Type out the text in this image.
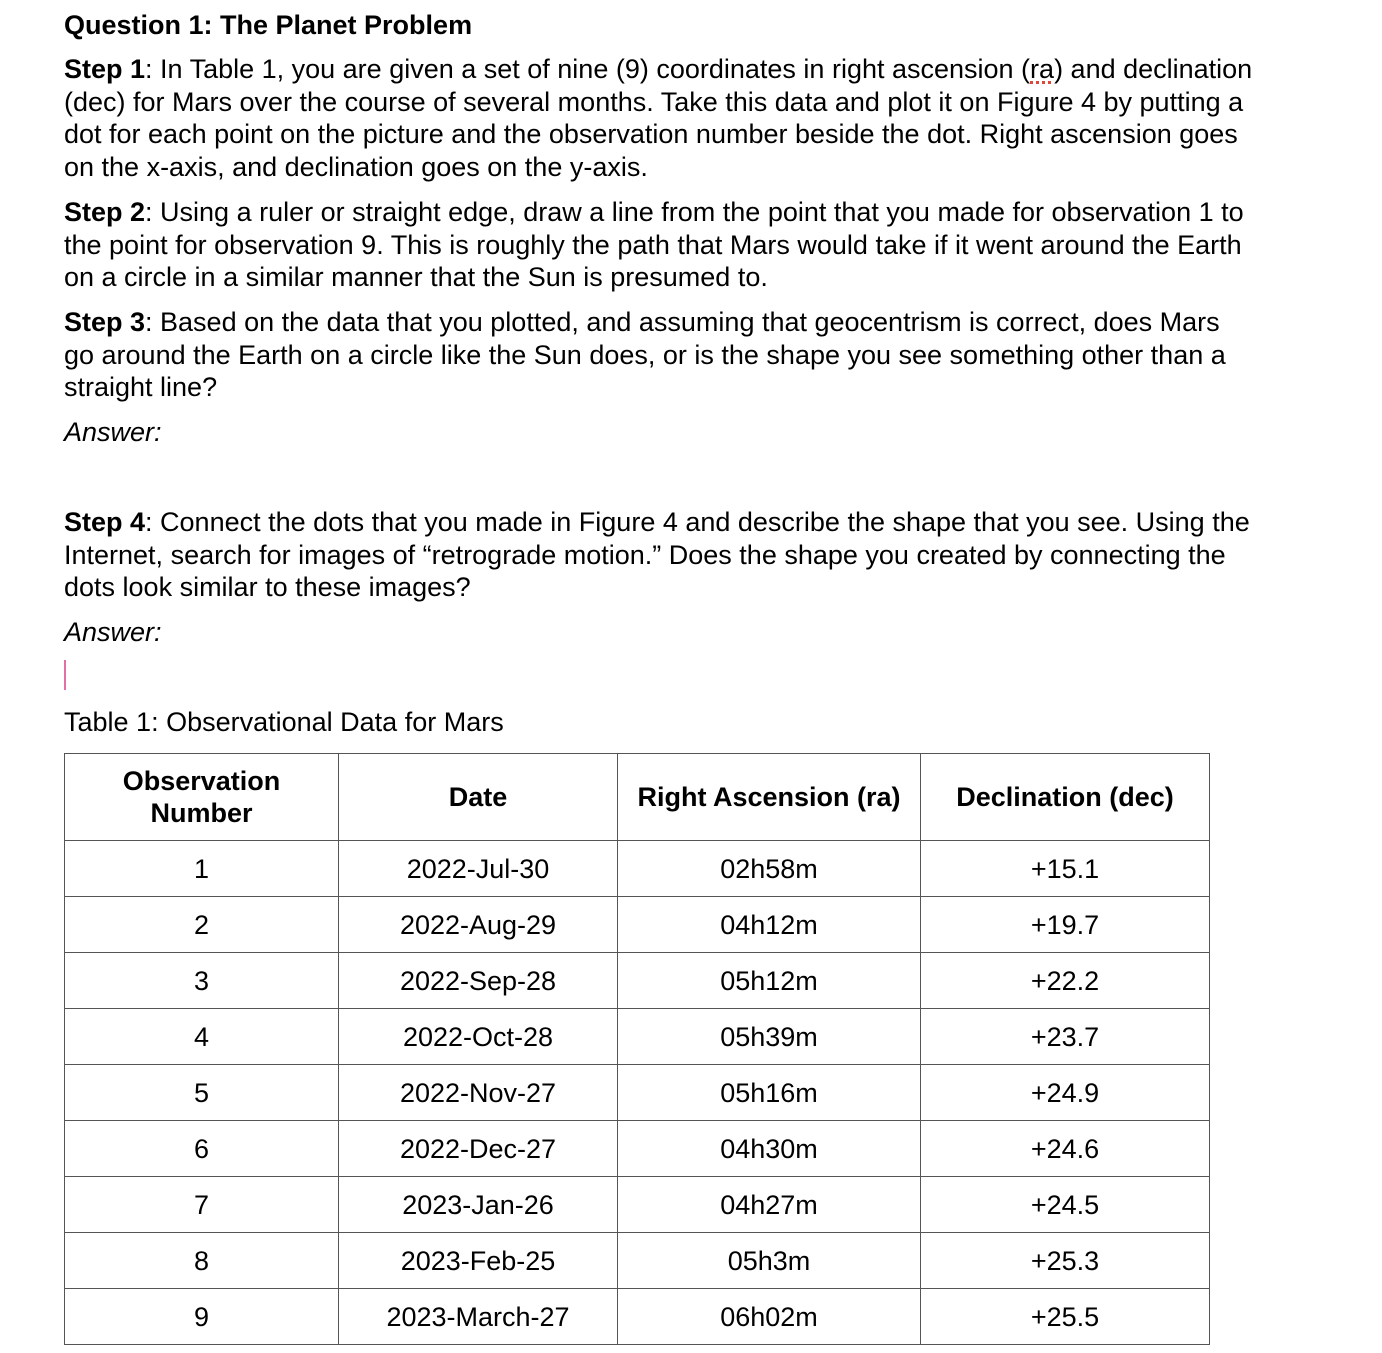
Question 1: The Planet Problem
Step 1: In Table 1, you are given a set of nine (9) coordinates in right ascension (ra) and declination (dec) for Mars over the course of several months. Take this data and plot it on Figure 4 by putting a dot for each point on the picture and the observation number beside the dot. Right ascension goes on the x-axis, and declination goes on the y-axis.
Step 2: Using a ruler or straight edge, draw a line from the point that you made for observation 1 to the point for observation 9. This is roughly the path that Mars would take if it went around the Earth on a circle in a similar manner that the Sun is presumed to.
Step 3: Based on the data that you plotted, and assuming that geocentrism is correct, does Mars go around the Earth on a circle like the Sun does, or is the shape you see something other than a straight line?
Answer:
Step 4: Connect the dots that you made in Figure 4 and describe the shape that you see. Using the Internet, search for images of “retrograde motion.” Does the shape you created by connecting the dots look similar to these images?
Answer:
Table 1: Observational Data for Mars
Observation
Number	Date	Right Ascension (ra)	Declination (dec)
1	2022-Jul-30	02h58m	+15.1
2	2022-Aug-29	04h12m	+19.7
3	2022-Sep-28	05h12m	+22.2
4	2022-Oct-28	05h39m	+23.7
5	2022-Nov-27	05h16m	+24.9
6	2022-Dec-27	04h30m	+24.6
7	2023-Jan-26	04h27m	+24.5
8	2023-Feb-25	05h3m	+25.3
9	2023-March-27	06h02m	+25.5
